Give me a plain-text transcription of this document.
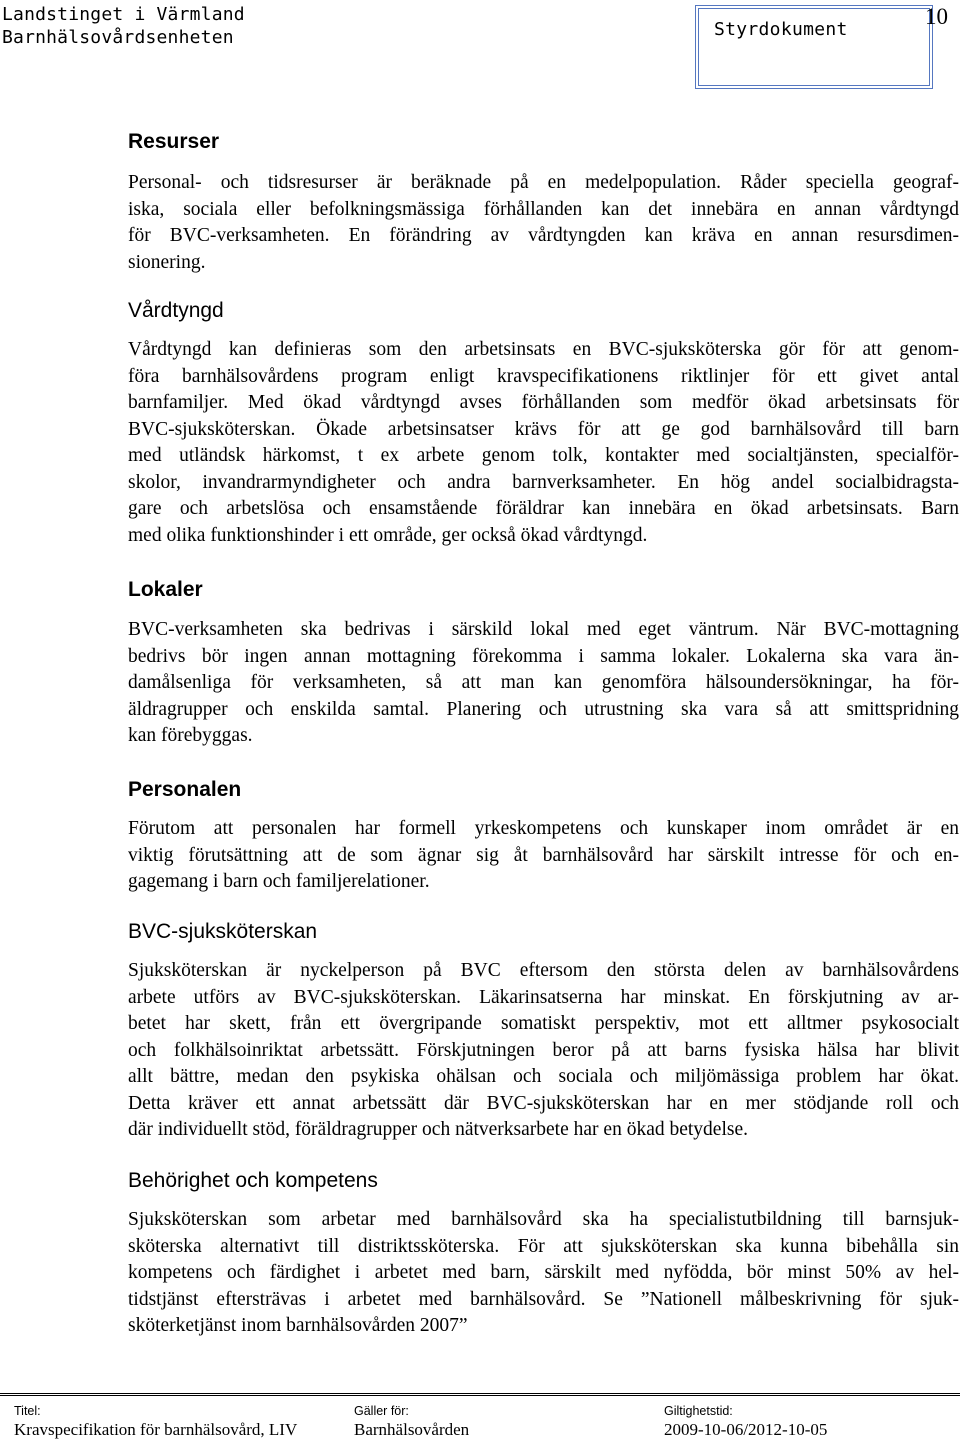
Landstinget i Värmland
Barnhälsovårdsenheten	Styrdokument
10
Resurser
Personal- och tidsresurser är beräknade på en medelpopulation. Råder speciella geograf-
iska, sociala eller befolkningsmässiga förhållanden kan det innebära en annan vårdtyngd
för BVC-verksamheten. En förändring av vårdtyngden kan kräva en annan resursdimen-
sionering.
Vårdtyngd
Vårdtyngd kan definieras som den arbetsinsats en BVC-sjuksköterska gör för att genom-
föra barnhälsovårdens program enligt kravspecifikationens riktlinjer för ett givet antal
barnfamiljer. Med ökad vårdtyngd avses förhållanden som medför ökad arbetsinsats för
BVC-sjuksköterskan. Ökade arbetsinsatser krävs för att ge god barnhälsovård till barn
med utländsk härkomst, t ex arbete genom tolk, kontakter med socialtjänsten, specialför-
skolor, invandrarmyndigheter och andra barnverksamheter. En hög andel socialbidragsta-
gare och arbetslösa och ensamstående föräldrar kan innebära en ökad arbetsinsats. Barn
med olika funktionshinder i ett område, ger också ökad vårdtyngd.
Lokaler
BVC-verksamheten ska bedrivas i särskild lokal med eget väntrum. När BVC-mottagning
bedrivs bör ingen annan mottagning förekomma i samma lokaler. Lokalerna ska vara än-
damålsenliga för verksamheten, så att man kan genomföra hälsoundersökningar, ha för-
äldragrupper och enskilda samtal. Planering och utrustning ska vara så att smittspridning
kan förebyggas.
Personalen
Förutom att personalen har formell yrkeskompetens och kunskaper inom området är en
viktig förutsättning att de som ägnar sig åt barnhälsovård har särskilt intresse för och en-
gagemang i barn och familjerelationer.
BVC-sjuksköterskan
Sjuksköterskan är nyckelperson på BVC eftersom den största delen av barnhälsovårdens
arbete utförs av BVC-sjuksköterskan. Läkarinsatserna har minskat. En förskjutning av ar-
betet har skett, från ett övergripande somatiskt perspektiv, mot ett alltmer psykosocialt
och folkhälsoinriktat arbetssätt. Förskjutningen beror på att barns fysiska hälsa har blivit
allt bättre, medan den psykiska ohälsan och sociala och miljömässiga problem har ökat.
Detta kräver ett annat arbetssätt där BVC-sjuksköterskan har en mer stödjande roll och
där individuellt stöd, föräldragrupper och nätverksarbete har en ökad betydelse.
Behörighet och kompetens
Sjuksköterskan som arbetar med barnhälsovård ska ha specialistutbildning till barnsjuk-
sköterska alternativt till distriktssköterska. För att sjuksköterskan ska kunna bibehålla sin
kompetens och färdighet i arbetet med barn, särskilt med nyfödda, bör minst 50% av hel-
tidstjänst eftersträvas i arbetet med barnhälsovård. Se ”Nationell målbeskrivning för sjuk-
sköterketjänst inom barnhälsovården 2007”
Titel:
Kravspecifikation för barnhälsovård, LIV
Gäller för:
Barnhälsovården
Giltighetstid:
2009-10-06/2012-10-05
